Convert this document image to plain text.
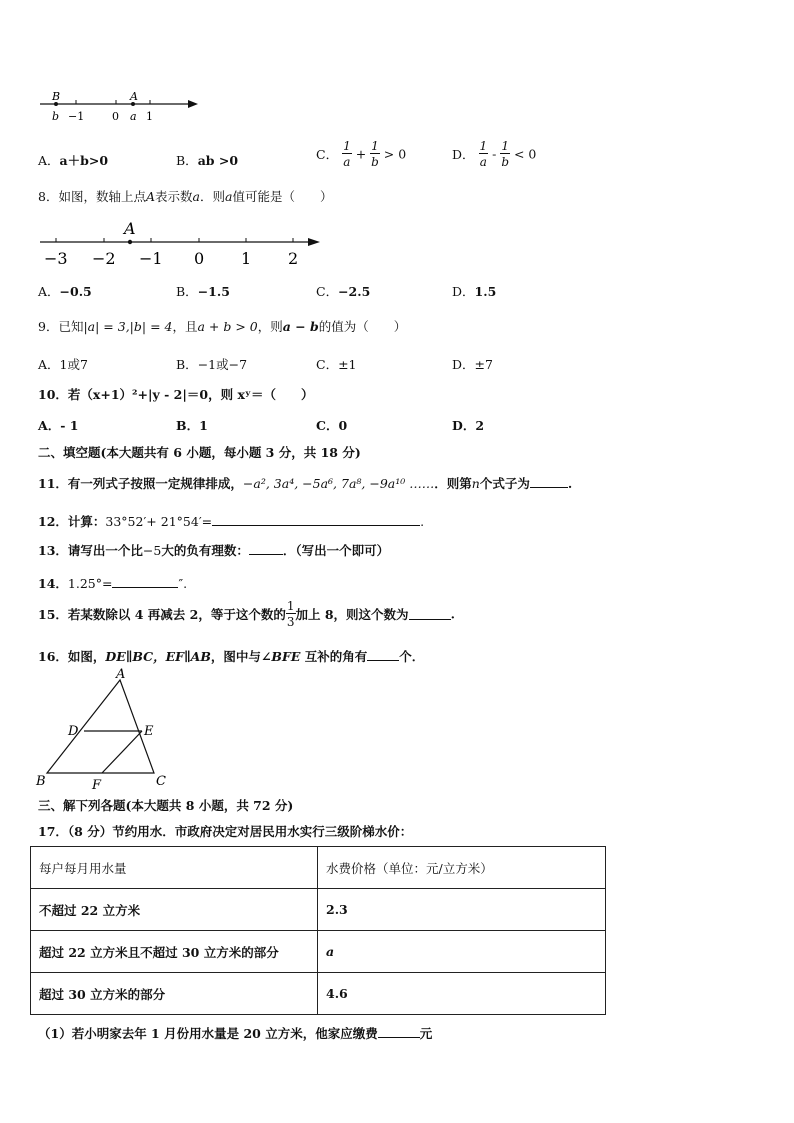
B
b −1	0
A
a 1
A．a＋b>0	B．ab >0	C． $\frac{1}{a} + \frac{1}{b} > 0$	D． $\frac{1}{a} - \frac{1}{b} < 0$
8．如图，数轴上点A表示数a．则a值可能是（　　）
A
−3 −2 −1 0 1 2
A．−0.5	B．−1.5	C．−2.5	D．1.5
9．已知|a| = 3,|b| = 4，且a + b > 0，则a − b的值为（　　）
A．1或7	B．−1或−7	C．±1	D．±7
10．若（x+1）²+|y - 2|＝0，则 xʸ＝（　　）
A．- 1	B．1	C．0	D．2
二、填空题(本大题共有 6 小题，每小题 3 分，共 18 分)
11．有一列式子按照一定规律排成，−a², 3a⁴, −5a⁶, 7a⁸, −9a¹⁰ ……．则第n个式子为	.
12．计算：33°52′+ 21°54′=	.
13．请写出一个比−5大的负有理数：	．（写出一个即可）
14．1.25°=	″.
15．若某数除以 4 再减去 2，等于这个数的 $\frac{1}{3}$ 加上 8，则这个数为	.
16．如图，DE∥BC，EF∥AB，图中与∠BFE 互补的角有	个．
A
B	C
D	E
F
三、解下列各题(本大题共 8 小题，共 72 分)
17．（8 分）节约用水．市政府决定对居民用水实行三级阶梯水价：
每户每月用水量	水费价格（单位：元/立方米）
不超过 22 立方米	2.3
超过 22 立方米且不超过 30 立方米的部分	a
超过 30 立方米的部分	4.6
（1）若小明家去年 1 月份用水量是 20 立方米，他家应缴费	元
